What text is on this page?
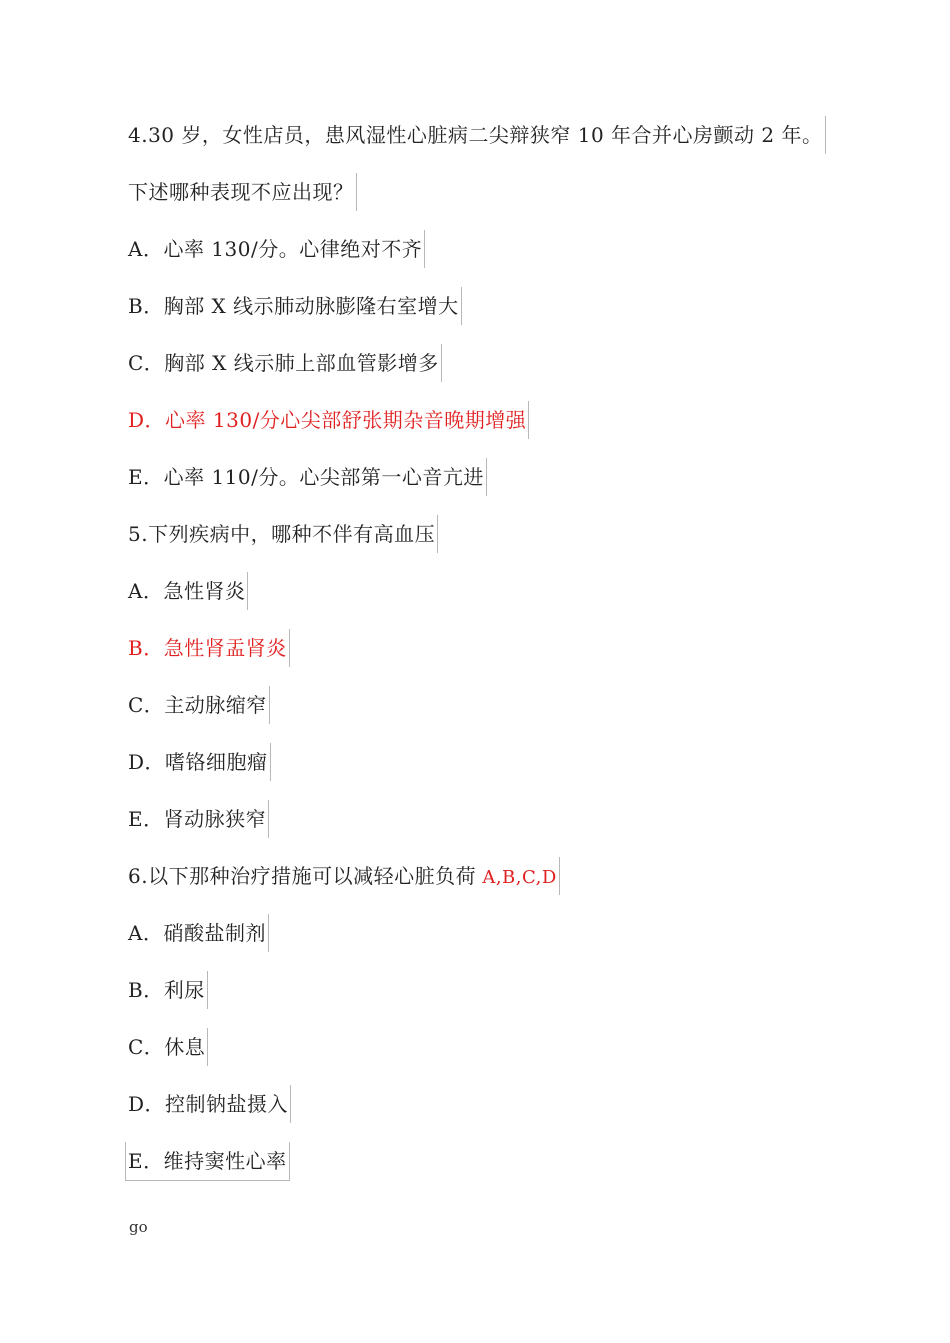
4.30 岁，女性店员，患风湿性心脏病二尖辩狭窄 10 年合并心房颤动 2 年。
下述哪种表现不应出现？
A．心率 130/分。心律绝对不齐
B．胸部 X 线示肺动脉膨隆右室增大
C．胸部 X 线示肺上部血管影增多
D．心率 130/分心尖部舒张期杂音晚期增强
E．心率 110/分。心尖部第一心音亢进
5.下列疾病中，哪种不伴有高血压
A．急性肾炎
B．急性肾盂肾炎
C．主动脉缩窄
D．嗜铬细胞瘤
E．肾动脉狭窄
6.以下那种治疗措施可以减轻心脏负荷 A,B,C,D
A．硝酸盐制剂
B．利尿
C．休息
D．控制钠盐摄入
E．维持窦性心率
go
